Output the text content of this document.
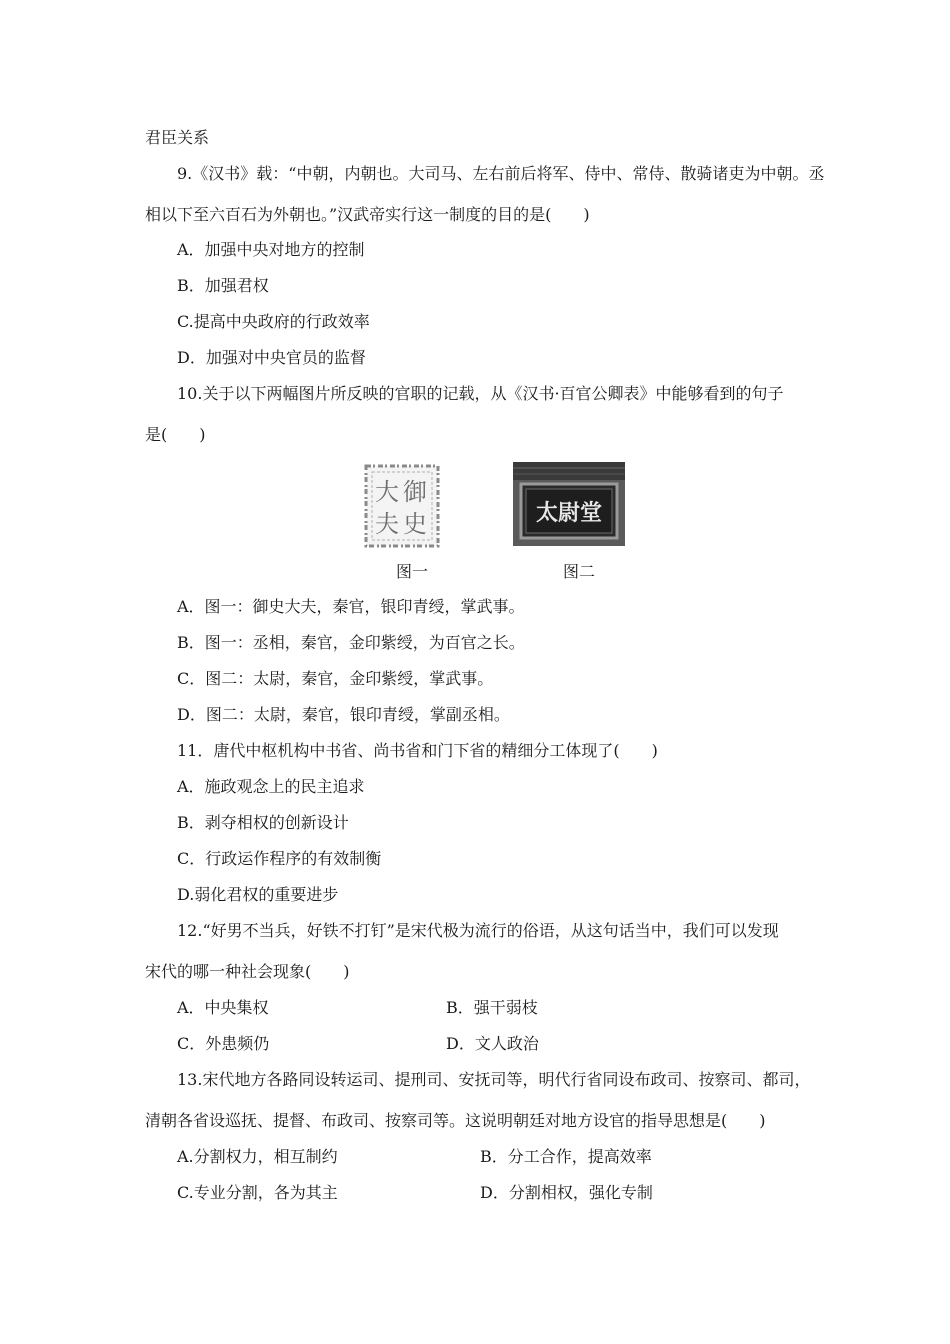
君臣关系
9.《汉书》载：“中朝，内朝也。大司马、左右前后将军、侍中、常侍、散骑诸吏为中朝。丞
相以下至六百石为外朝也。”汉武帝实行这一制度的目的是(　　)
A．加强中央对地方的控制
B．加强君权
C.提高中央政府的行政效率
D．加强对中央官员的监督
10.关于以下两幅图片所反映的官职的记载，从《汉书·百官公卿表》中能够看到的句子
是(　　)
御
史
大
夫	太尉堂
图一	图二
A．图一：御史大夫，秦官，银印青绶，掌武事。
B．图一：丞相，秦官，金印紫绶，为百官之长。
C．图二：太尉，秦官，金印紫绶，掌武事。
D．图二：太尉，秦官，银印青绶，掌副丞相。
11．唐代中枢机构中书省、尚书省和门下省的精细分工体现了(　　)
A．施政观念上的民主追求
B．剥夺相权的创新设计
C．行政运作程序的有效制衡
D.弱化君权的重要进步
12.“好男不当兵，好铁不打钉”是宋代极为流行的俗语，从这句话当中，我们可以发现
宋代的哪一种社会现象(　　)
A．中央集权	B．强干弱枝
C．外患频仍	D．文人政治
13.宋代地方各路同设转运司、提刑司、安抚司等，明代行省同设布政司、按察司、都司，
清朝各省设巡抚、提督、布政司、按察司等。这说明朝廷对地方设官的指导思想是(　　)
A.分割权力，相互制约	B．分工合作，提高效率
C.专业分割，各为其主	D．分割相权，强化专制
